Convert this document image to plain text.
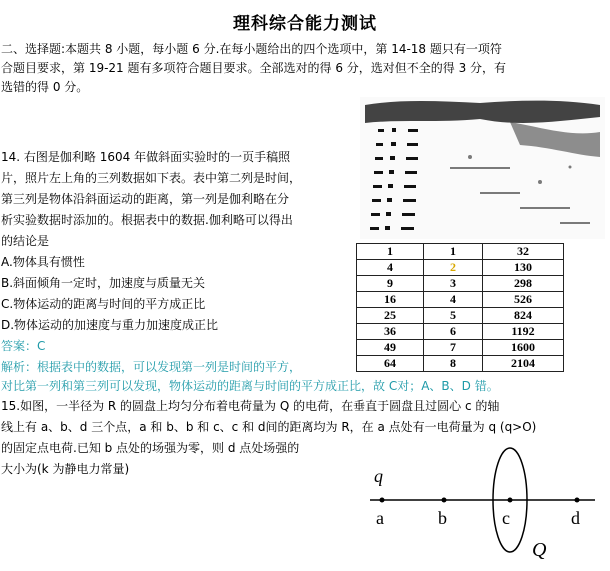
理科综合能力测试
二、选择题:本题共 8 小题，每小题 6 分.在每小题给出的四个选项中，第 14-18 题只有一项符
合题目要求，第 19-21 题有多项符合题目要求。全部选对的得 6 分，选对但不全的得 3 分，有
选错的得 0 分。
14. 右图是伽利略 1604 年做斜面实验时的一页手稿照
片，照片左上角的三列数据如下表。表中第二列是时间，
第三列是物体沿斜面运动的距离，第一列是伽利略在分
析实验数据时添加的。根据表中的数据.伽利略可以得出
的结论是
A.物体具有惯性
B.斜面倾角一定时，加速度与质量无关
C.物体运动的距离与时间的平方成正比
D.物体运动的加速度与重力加速度成正比
答案：C
解析：根据表中的数据，可以发现第一列是时间的平方，
对比第一列和第三列可以发现，物体运动的距离与时间的平方成正比，故 C对；A、B、D 错。
1	1	32
4	2	130
9	3	298
16	4	526
25	5	824
36	6	1192
49	7	1600
64	8	2104
15.如图，一半径为 R 的圆盘上均匀分布着电荷量为 Q 的电荷，在垂直于圆盘且过圆心 c 的轴
线上有 a、b、d 三个点，a 和 b、b 和 c、c 和 d间的距离均为 R，在 a 点处有一电荷量为 q (q>O)
的固定点电荷.已知 b 点处的场强为零，则 d 点处场强的
大小为(k 为静电力常量)	q
a	b	c	d
Q
